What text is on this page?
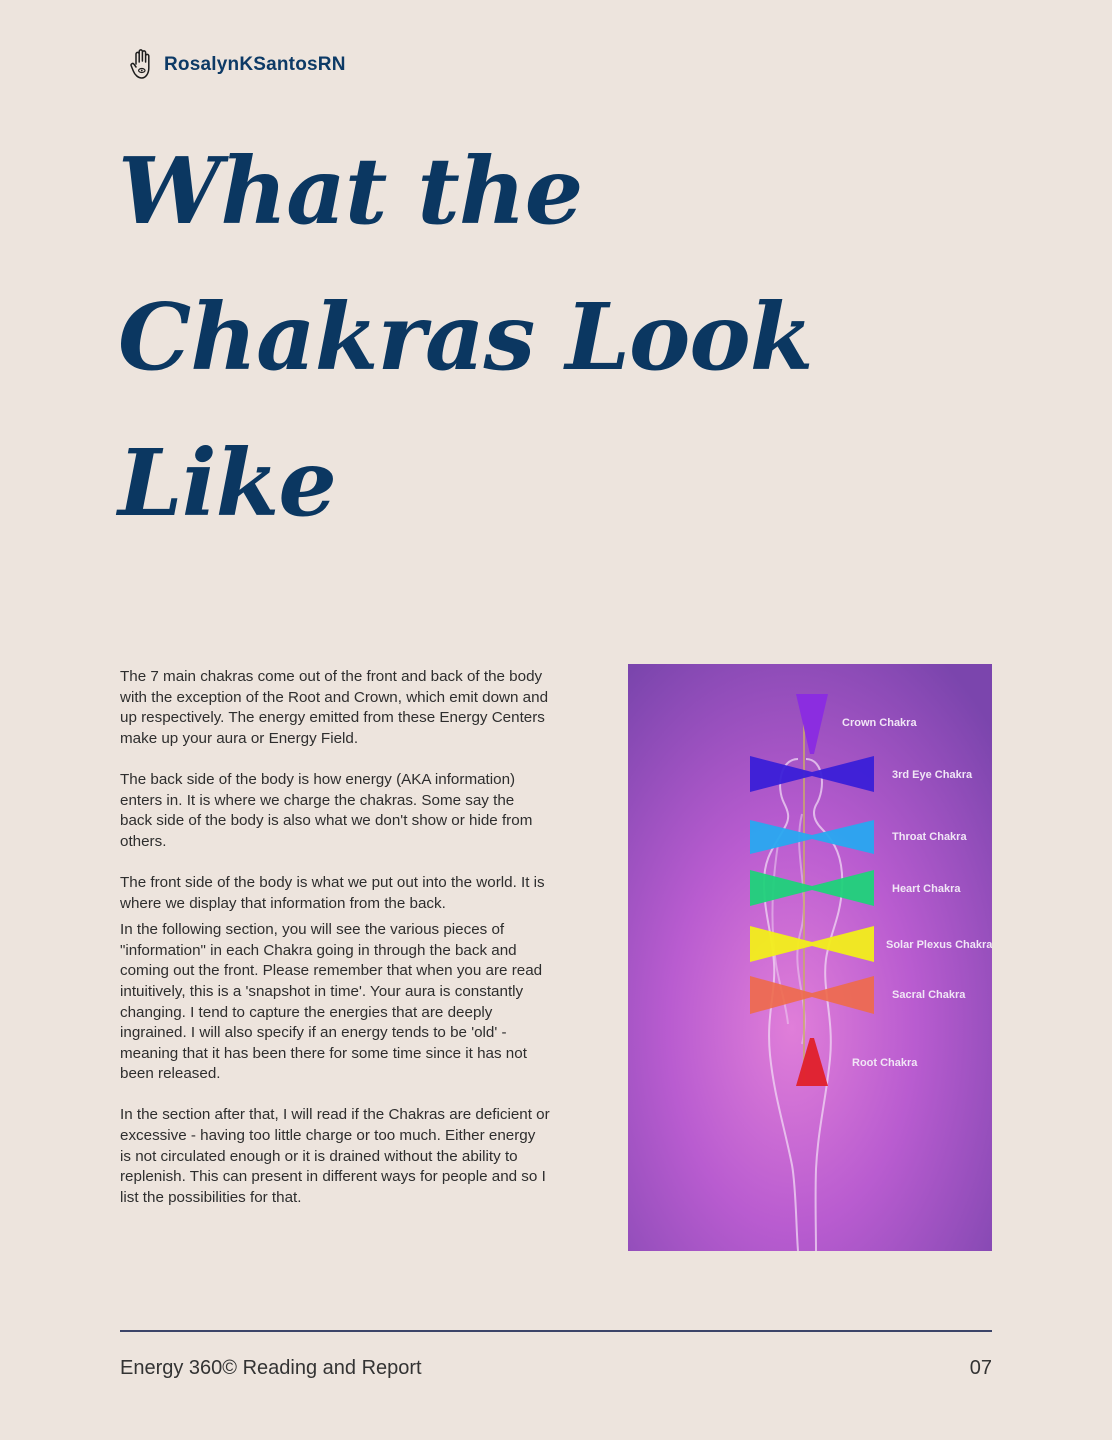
RosalynKSantosRN
What the
Chakras Look
Like

The 7 main chakras come out of the front and back of the body with the exception of the Root and Crown, which emit down and up respectively. The energy emitted from these Energy Centers make up your aura or Energy Field.

The back side of the body is how energy (AKA information) enters in. It is where we charge the chakras. Some say the back side of the body is also what we don't show or hide from others.

The front side of the body is what we put out into the world. It is where we display that information from the back.

In the following section, you will see the various pieces of "information" in each Chakra going in through the back and coming out the front. Please remember that when you are read intuitively, this is a 'snapshot in time'. Your aura is constantly changing. I tend to capture the energies that are deeply ingrained. I will also specify if an energy tends to be 'old' - meaning that it has been there for some time since it has not been released.

In the section after that, I will read if the Chakras are deficient or excessive - having too little charge or too much. Either energy is not circulated enough or it is drained without the ability to replenish. This can present in different ways for people and so I list the possibilities for that.

Crown Chakra
3rd Eye Chakra
Throat Chakra
Heart Chakra
Solar Plexus Chakra
Sacral Chakra
Root Chakra
Energy 360© Reading and Report	07
